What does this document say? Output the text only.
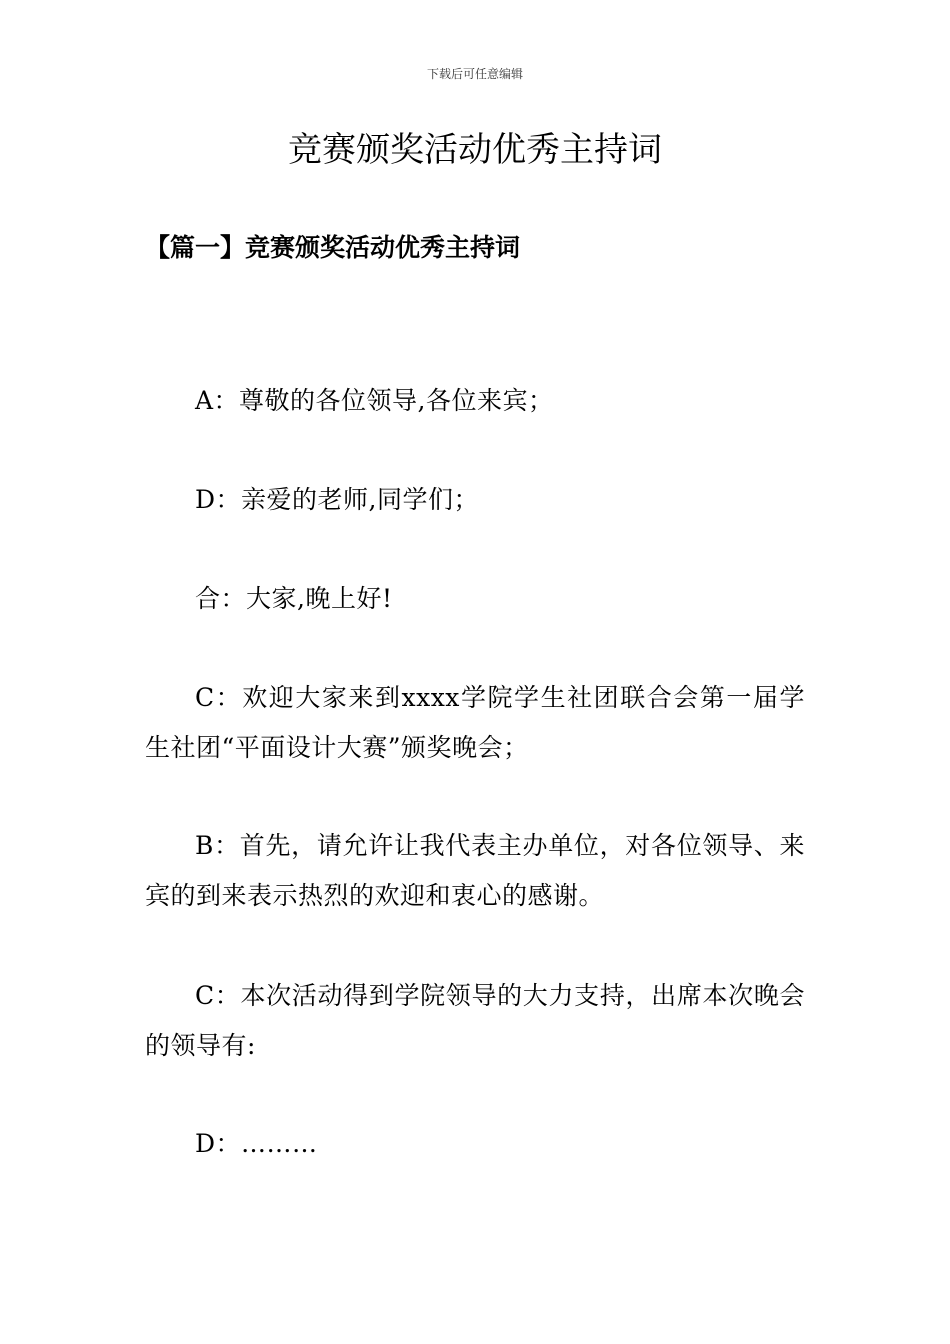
下载后可任意编辑
竞赛颁奖活动优秀主持词
【篇一】竞赛颁奖活动优秀主持词

A：尊敬的各位领导,各位来宾；

D：亲爱的老师,同学们；

合：大家,晚上好!

C：欢迎大家来到xxxx学院学生社团联合会第一届学生社团“平面设计大赛”颁奖晚会；

B：首先，请允许让我代表主办单位，对各位领导、来宾的到来表示热烈的欢迎和衷心的感谢。

C：本次活动得到学院领导的大力支持，出席本次晚会的领导有:

D：………
